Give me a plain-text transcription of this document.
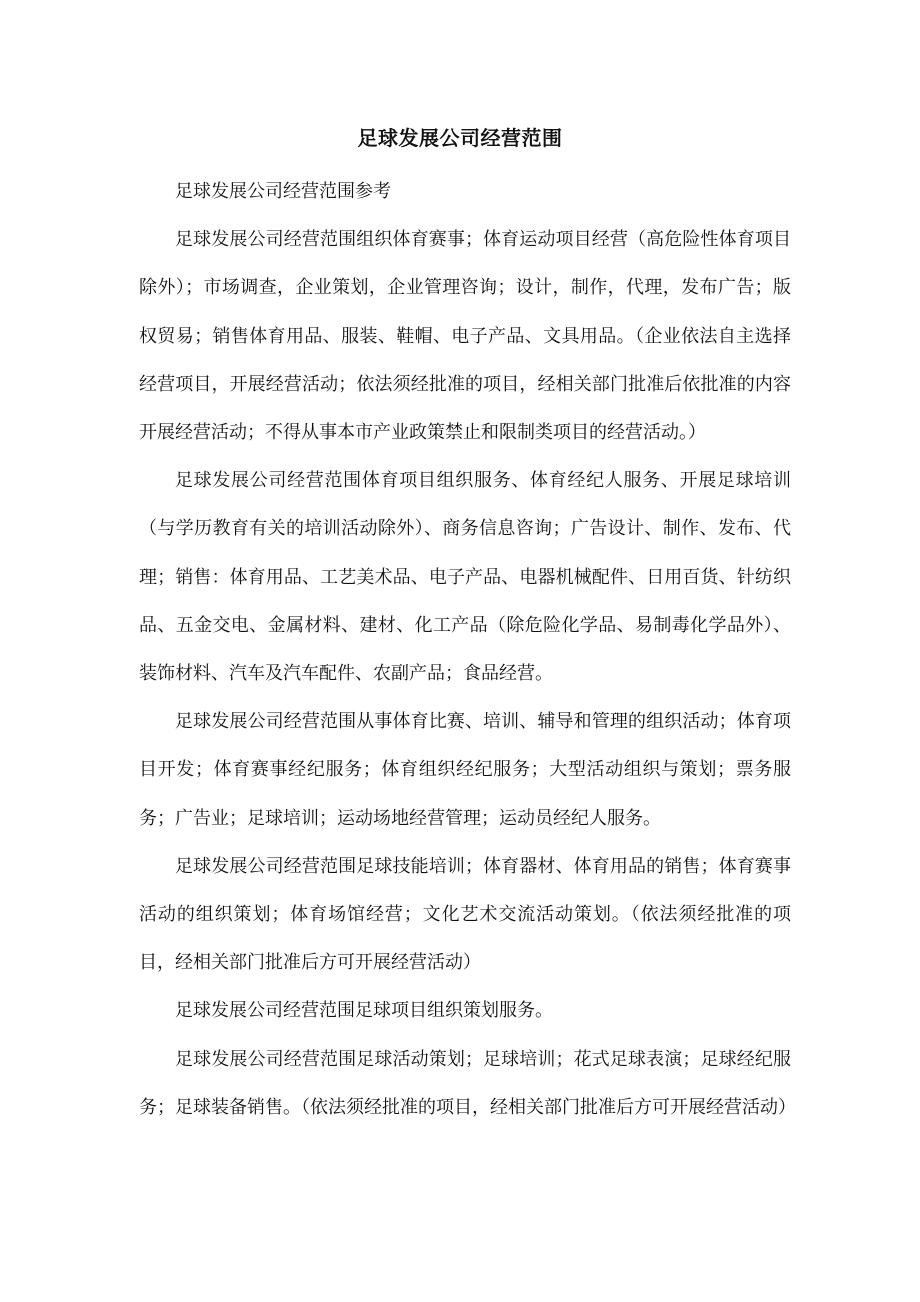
足球发展公司经营范围

足球发展公司经营范围参考

足球发展公司经营范围组织体育赛事；体育运动项目经营（高危险性体育项目除外）；市场调查，企业策划，企业管理咨询；设计，制作，代理，发布广告；版权贸易；销售体育用品、服装、鞋帽、电子产品、文具用品。（企业依法自主选择经营项目，开展经营活动；依法须经批准的项目，经相关部门批准后依批准的内容开展经营活动；不得从事本市产业政策禁止和限制类项目的经营活动。）

足球发展公司经营范围体育项目组织服务、体育经纪人服务、开展足球培训（与学历教育有关的培训活动除外）、商务信息咨询；广告设计、制作、发布、代理；销售：体育用品、工艺美术品、电子产品、电器机械配件、日用百货、针纺织品、五金交电、金属材料、建材、化工产品（除危险化学品、易制毒化学品外）、装饰材料、汽车及汽车配件、农副产品；食品经营。

足球发展公司经营范围从事体育比赛、培训、辅导和管理的组织活动；体育项目开发；体育赛事经纪服务；体育组织经纪服务；大型活动组织与策划；票务服务；广告业；足球培训；运动场地经营管理；运动员经纪人服务。

足球发展公司经营范围足球技能培训；体育器材、体育用品的销售；体育赛事活动的组织策划；体育场馆经营；文化艺术交流活动策划。（依法须经批准的项目，经相关部门批准后方可开展经营活动）

足球发展公司经营范围足球项目组织策划服务。

足球发展公司经营范围足球活动策划；足球培训；花式足球表演；足球经纪服务；足球装备销售。（依法须经批准的项目，经相关部门批准后方可开展经营活动）
